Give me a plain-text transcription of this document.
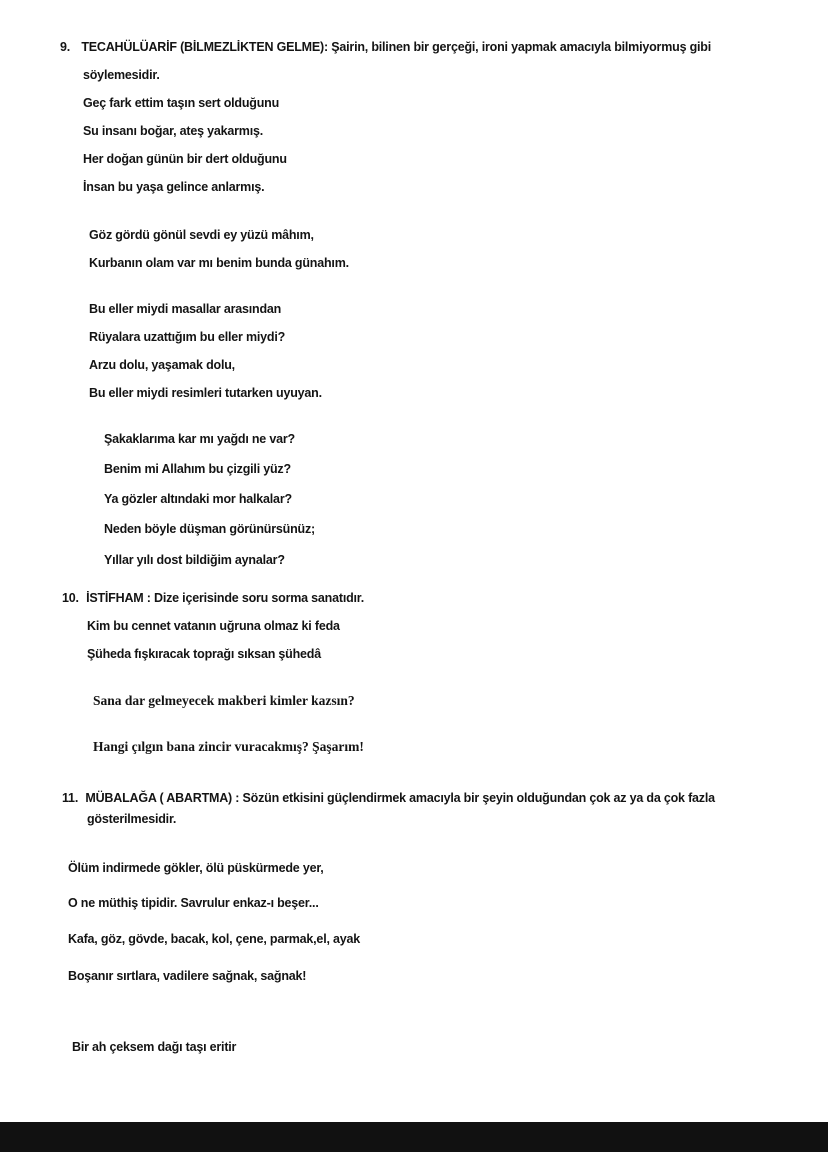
9. TECAHÜLÜARİF (BİLMEZLİKTEN GELME): Şairin, bilinen bir gerçeği, ironi yapmak amacıyla bilmiyormuş gibi
söylemesidir.
Geç fark ettim taşın sert olduğunu
Su insanı boğar, ateş yakarmış.
Her doğan günün bir dert olduğunu
İnsan bu yaşa gelince anlarmış.
Göz gördü gönül sevdi ey yüzü mâhım,
Kurbanın olam var mı benim bunda günahım.
Bu eller miydi masallar arasından
Rüyalara uzattığım bu eller miydi?
Arzu dolu, yaşamak dolu,
Bu eller miydi resimleri tutarken uyuyan.
Şakaklarıma kar mı yağdı ne var?
Benim mi Allahım bu çizgili yüz?
Ya gözler altındaki mor halkalar?
Neden böyle düşman görünürsünüz;
Yıllar yılı dost bildiğim aynalar?
10. İSTİFHAM : Dize içerisinde soru sorma sanatıdır.
Kim bu cennet vatanın uğruna olmaz ki feda
Şüheda fışkıracak toprağı sıksan şühedâ
Sana dar gelmeyecek makberi kimler kazsın?
Hangi çılgın bana zincir vuracakmış? Şaşarım!
11. MÜBALAĞA ( ABARTMA) : Sözün etkisini güçlendirmek amacıyla bir şeyin olduğundan çok az ya da çok fazla
gösterilmesidir.
Ölüm indirmede gökler, ölü püskürmede yer,
O ne müthiş tipidir. Savrulur enkaz-ı beşer...
Kafa, göz, gövde, bacak, kol, çene, parmak,el, ayak
Boşanır sırtlara, vadilere sağnak, sağnak!
Bir ah çeksem dağı taşı eritir
